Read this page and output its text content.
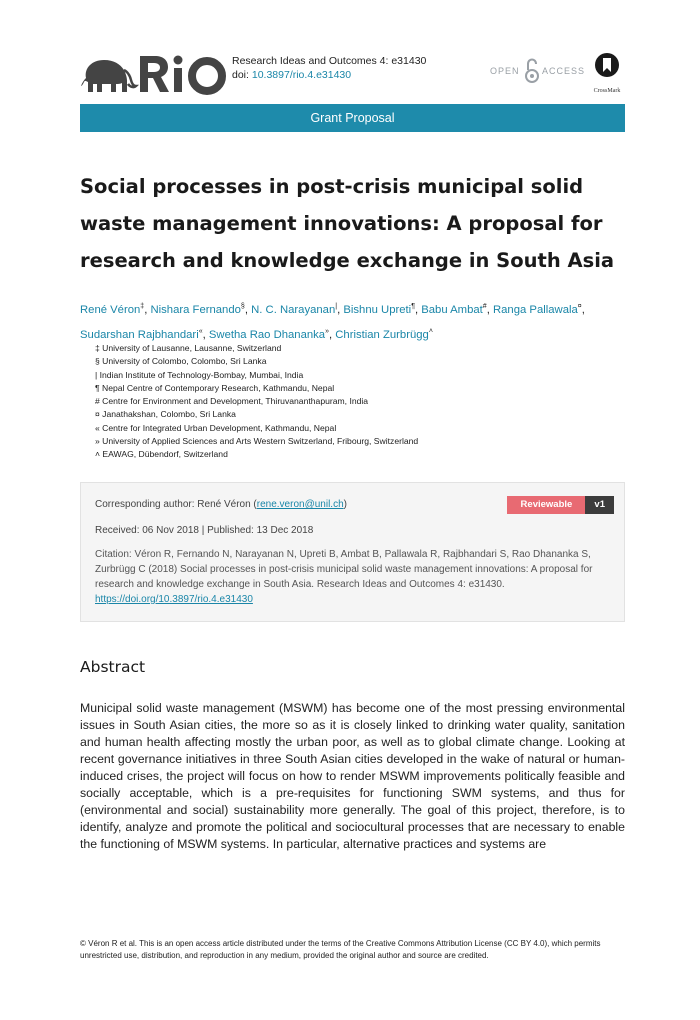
Research Ideas and Outcomes 4: e31430
doi: 10.3897/rio.4.e31430	OPEN ACCESS
CrossMark
Grant Proposal
Social processes in post-crisis municipal solid waste management innovations: A proposal for research and knowledge exchange in South Asia
René Véron‡, Nishara Fernando§, N. C. Narayanan|, Bishnu Upreti¶, Babu Ambat#, Ranga Pallawala¤,
Sudarshan Rajbhandari«, Swetha Rao Dhananka», Christian Zurbrügg˄
‡ University of Lausanne, Lausanne, Switzerland
§ University of Colombo, Colombo, Sri Lanka
| Indian Institute of Technology-Bombay, Mumbai, India
¶ Nepal Centre of Contemporary Research, Kathmandu, Nepal
# Centre for Environment and Development, Thiruvananthapuram, India
¤ Janathakshan, Colombo, Sri Lanka
« Centre for Integrated Urban Development, Kathmandu, Nepal
» University of Applied Sciences and Arts Western Switzerland, Fribourg, Switzerland
˄ EAWAG, Dübendorf, Switzerland
Corresponding author: René Véron (rene.veron@unil.ch)	Reviewable	v1
Received: 06 Nov 2018 | Published: 13 Dec 2018
Citation: Véron R, Fernando N, Narayanan N, Upreti B, Ambat B, Pallawala R, Rajbhandari S, Rao Dhananka S, Zurbrügg C (2018) Social processes in post-crisis municipal solid waste management innovations: A proposal for research and knowledge exchange in South Asia. Research Ideas and Outcomes 4: e31430.
https://doi.org/10.3897/rio.4.e31430
Abstract

Municipal solid waste management (MSWM) has become one of the most pressing environmental issues in South Asian cities, the more so as it is closely linked to drinking water quality, sanitation and human health affecting mostly the urban poor, as well as to global climate change. Looking at recent governance initiatives in three South Asian cities developed in the wake of natural or human-induced crises, the project will focus on how to render MSWM improvements politically feasible and socially acceptable, which is a pre-requisites for functioning SWM systems, and thus for (environmental and social) sustainability more generally. The goal of this project, therefore, is to identify, analyze and promote the political and sociocultural processes that are necessary to enable the functioning of MSWM systems. In particular, alternative practices and systems are

© Véron R et al. This is an open access article distributed under the terms of the Creative Commons Attribution License (CC BY 4.0), which permits unrestricted use, distribution, and reproduction in any medium, provided the original author and source are credited.
